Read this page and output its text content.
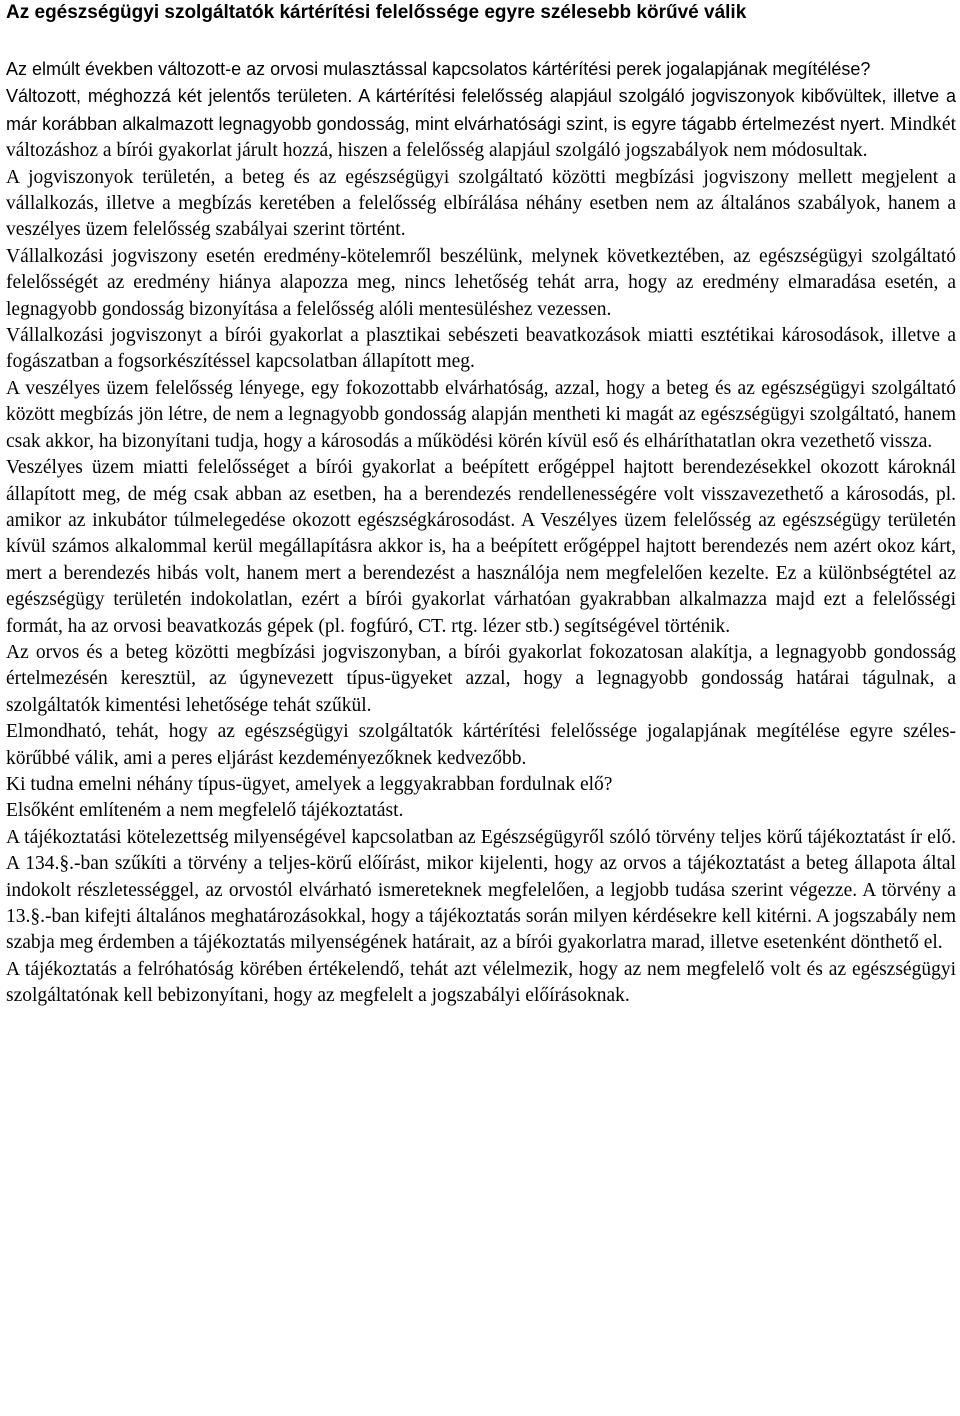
Az egészségügyi szolgáltatók kártérítési felelőssége egyre szélesebb körűvé válik

Az elmúlt években változott-e az orvosi mulasztással kapcsolatos kártérítési perek jogalapjának megítélése?

Változott, méghozzá két jelentős területen. A kártérítési felelősség alapjául szolgáló jogviszonyok kibővültek, illetve a már korábban alkalmazott legnagyobb gondosság, mint elvárhatósági szint, is egyre tágabb értelmezést nyert. Mindkét változáshoz a bírói gyakorlat járult hozzá, hiszen a felelősség alapjául szolgáló jogszabályok nem módosultak.

A jogviszonyok területén, a beteg és az egészségügyi szolgáltató közötti megbízási jogviszony mellett megjelent a vállalkozás, illetve a megbízás keretében a felelősség elbírálása néhány esetben nem az általános szabályok, hanem a veszélyes üzem felelősség szabályai szerint történt.

Vállalkozási jogviszony esetén eredmény-kötelemről beszélünk, melynek következtében, az egészségügyi szolgáltató felelősségét az eredmény hiánya alapozza meg, nincs lehetőség tehát arra, hogy az eredmény elmaradása esetén, a legnagyobb gondosság bizonyítása a felelősség alóli mentesüléshez vezessen.

Vállalkozási jogviszonyt a bírói gyakorlat a plasztikai sebészeti beavatkozások miatti esztétikai károsodások, illetve a fogászatban a fogsorkészítéssel kapcsolatban állapított meg.

A veszélyes üzem felelősség lényege, egy fokozottabb elvárhatóság, azzal, hogy a beteg és az egészségügyi szolgáltató között megbízás jön létre, de nem a legnagyobb gondosság alapján mentheti ki magát az egészségügyi szolgáltató, hanem csak akkor, ha bizonyítani tudja, hogy a károsodás a működési körén kívül eső és elháríthatatlan okra vezethető vissza.

Veszélyes üzem miatti felelősséget a bírói gyakorlat a beépített erőgéppel hajtott berendezésekkel okozott károknál állapított meg, de még csak abban az esetben, ha a berendezés rendellenességére volt visszavezethető a károsodás, pl. amikor az inkubátor túlmelegedése okozott egészségkárosodást. A Veszélyes üzem felelősség az egészségügy területén kívül számos alkalommal kerül megállapításra akkor is, ha a beépített erőgéppel hajtott berendezés nem azért okoz kárt, mert a berendezés hibás volt, hanem mert a berendezést a használója nem megfelelően kezelte. Ez a különbségtétel az egészségügy területén indokolatlan, ezért a bírói gyakorlat várhatóan gyakrabban alkalmazza majd ezt a felelősségi formát, ha az orvosi beavatkozás gépek (pl. fogfúró, CT. rtg. lézer stb.) segítségével történik.

Az orvos és a beteg közötti megbízási jogviszonyban, a bírói gyakorlat fokozatosan alakítja, a legnagyobb gondosság értelmezésén keresztül, az úgynevezett típus-ügyeket azzal, hogy a legnagyobb gondosság határai tágulnak, a szolgáltatók kimentési lehetősége tehát szűkül.

Elmondható, tehát, hogy az egészségügyi szolgáltatók kártérítési felelőssége jogalapjának megítélése egyre széles-körűbbé válik, ami a peres eljárást kezdeményezőknek kedvezőbb.

Ki tudna emelni néhány típus-ügyet, amelyek a leggyakrabban fordulnak elő?

Elsőként említeném a nem megfelelő tájékoztatást.

A tájékoztatási kötelezettség milyenségével kapcsolatban az Egészségügyről szóló törvény teljes körű tájékoztatást ír elő. A 134.§.-ban szűkíti a törvény a teljes-körű előírást, mikor kijelenti, hogy az orvos a tájékoztatást a beteg állapota által indokolt részletességgel, az orvostól elvárható ismereteknek megfelelően, a legjobb tudása szerint végezze. A törvény a 13.§.-ban kifejti általános meghatározásokkal, hogy a tájékoztatás során milyen kérdésekre kell kitérni. A jogszabály nem szabja meg érdemben a tájékoztatás milyenségének határait, az a bírói gyakorlatra marad, illetve esetenként dönthető el.

A tájékoztatás a felróhatóság körében értékelendő, tehát azt vélelmezik, hogy az nem megfelelő volt és az egészségügyi szolgáltatónak kell bebizonyítani, hogy az megfelelt a jogszabályi előírásoknak.
